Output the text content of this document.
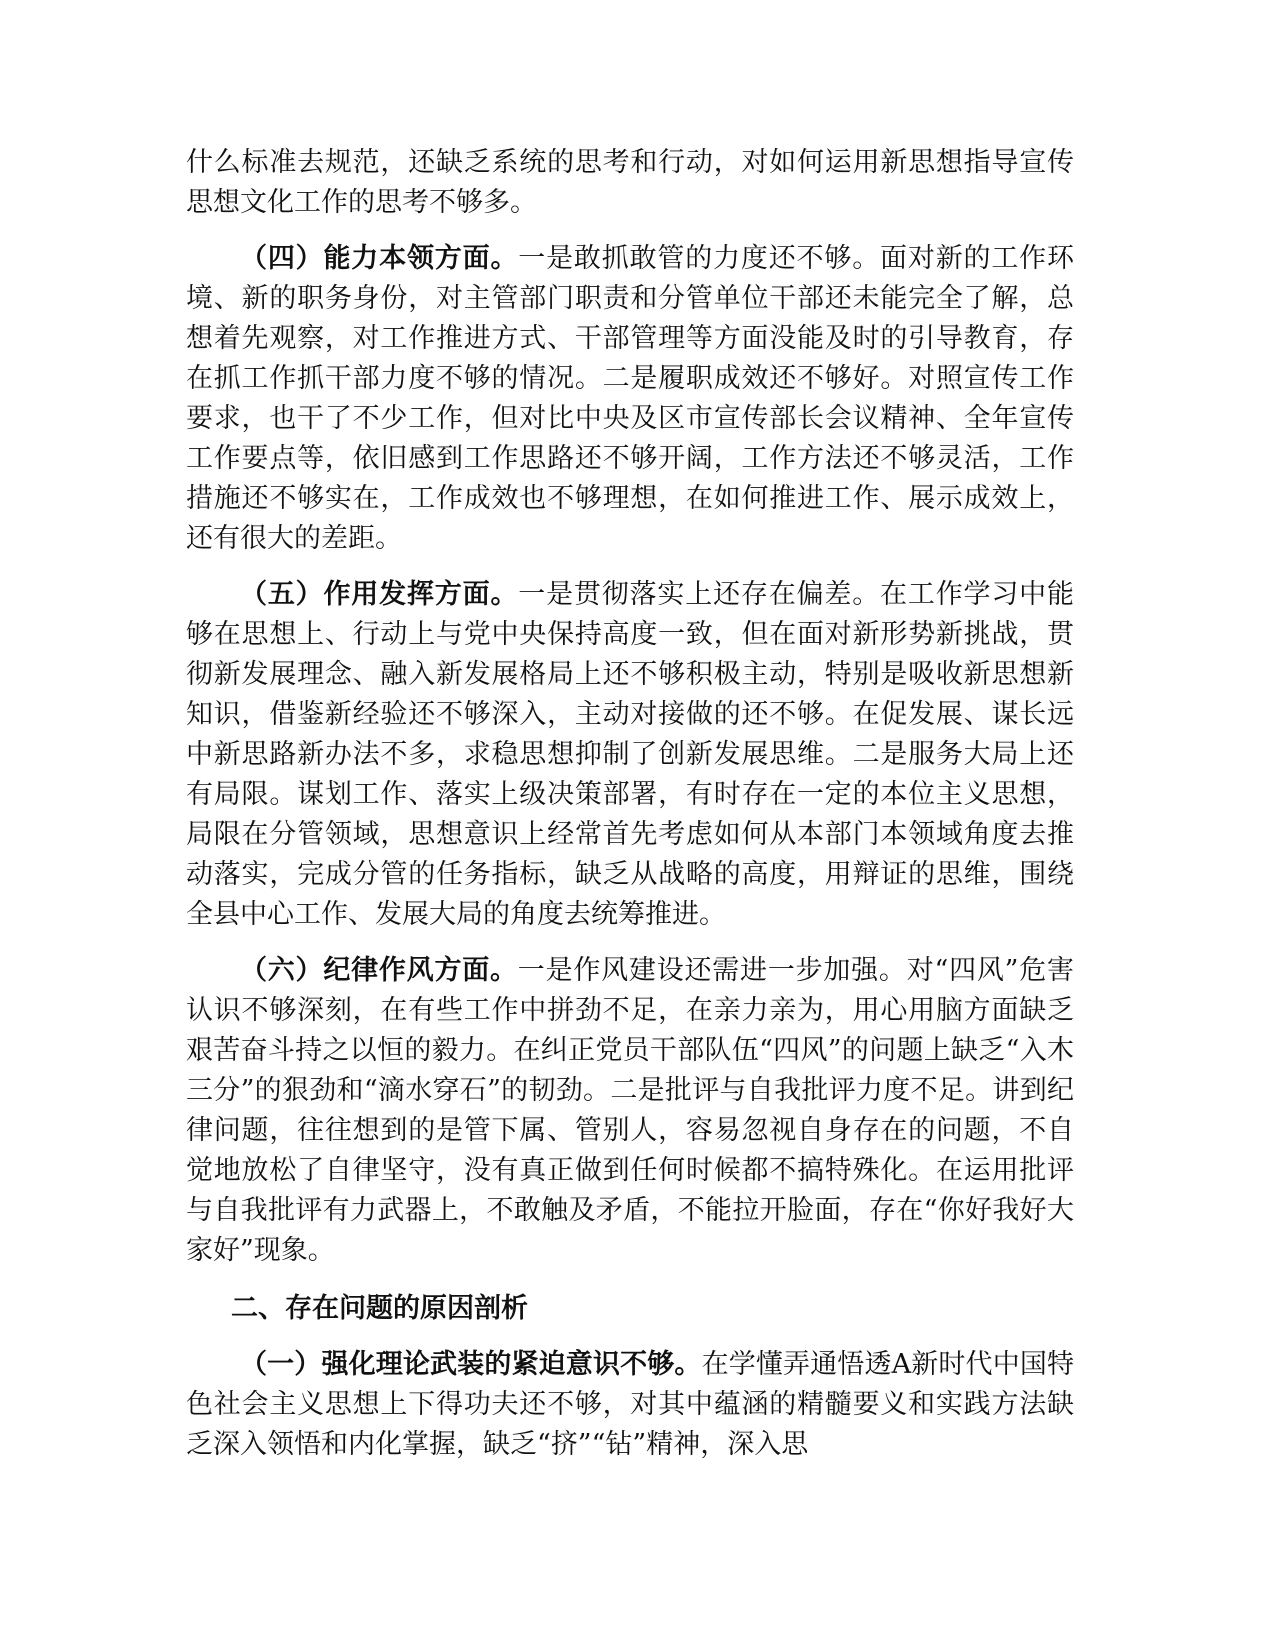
什么标准去规范，还缺乏系统的思考和行动，对如何运用新思想指导宣传思想文化工作的思考不够多。

（四）能力本领方面。一是敢抓敢管的力度还不够。面对新的工作环境、新的职务身份，对主管部门职责和分管单位干部还未能完全了解，总想着先观察，对工作推进方式、干部管理等方面没能及时的引导教育，存在抓工作抓干部力度不够的情况。二是履职成效还不够好。对照宣传工作要求，也干了不少工作，但对比中央及区市宣传部长会议精神、全年宣传工作要点等，依旧感到工作思路还不够开阔，工作方法还不够灵活，工作措施还不够实在，工作成效也不够理想，在如何推进工作、展示成效上，还有很大的差距。

（五）作用发挥方面。一是贯彻落实上还存在偏差。在工作学习中能够在思想上、行动上与党中央保持高度一致，但在面对新形势新挑战，贯彻新发展理念、融入新发展格局上还不够积极主动，特别是吸收新思想新知识，借鉴新经验还不够深入，主动对接做的还不够。在促发展、谋长远中新思路新办法不多，求稳思想抑制了创新发展思维。二是服务大局上还有局限。谋划工作、落实上级决策部署，有时存在一定的本位主义思想，局限在分管领域，思想意识上经常首先考虑如何从本部门本领域角度去推动落实，完成分管的任务指标，缺乏从战略的高度，用辩证的思维，围绕全县中心工作、发展大局的角度去统筹推进。

（六）纪律作风方面。一是作风建设还需进一步加强。对“四风”危害认识不够深刻，在有些工作中拼劲不足，在亲力亲为，用心用脑方面缺乏艰苦奋斗持之以恒的毅力。在纠正党员干部队伍“四风”的问题上缺乏“入木三分”的狠劲和“滴水穿石”的韧劲。二是批评与自我批评力度不足。讲到纪律问题，往往想到的是管下属、管别人，容易忽视自身存在的问题，不自觉地放松了自律坚守，没有真正做到任何时候都不搞特殊化。在运用批评与自我批评有力武器上，不敢触及矛盾，不能拉开脸面，存在“你好我好大家好”现象。

二、存在问题的原因剖析

（一）强化理论武装的紧迫意识不够。在学懂弄通悟透A新时代中国特色社会主义思想上下得功夫还不够，对其中蕴涵的精髓要义和实践方法缺乏深入领悟和内化掌握，缺乏“挤”“钻”精神，深入思
